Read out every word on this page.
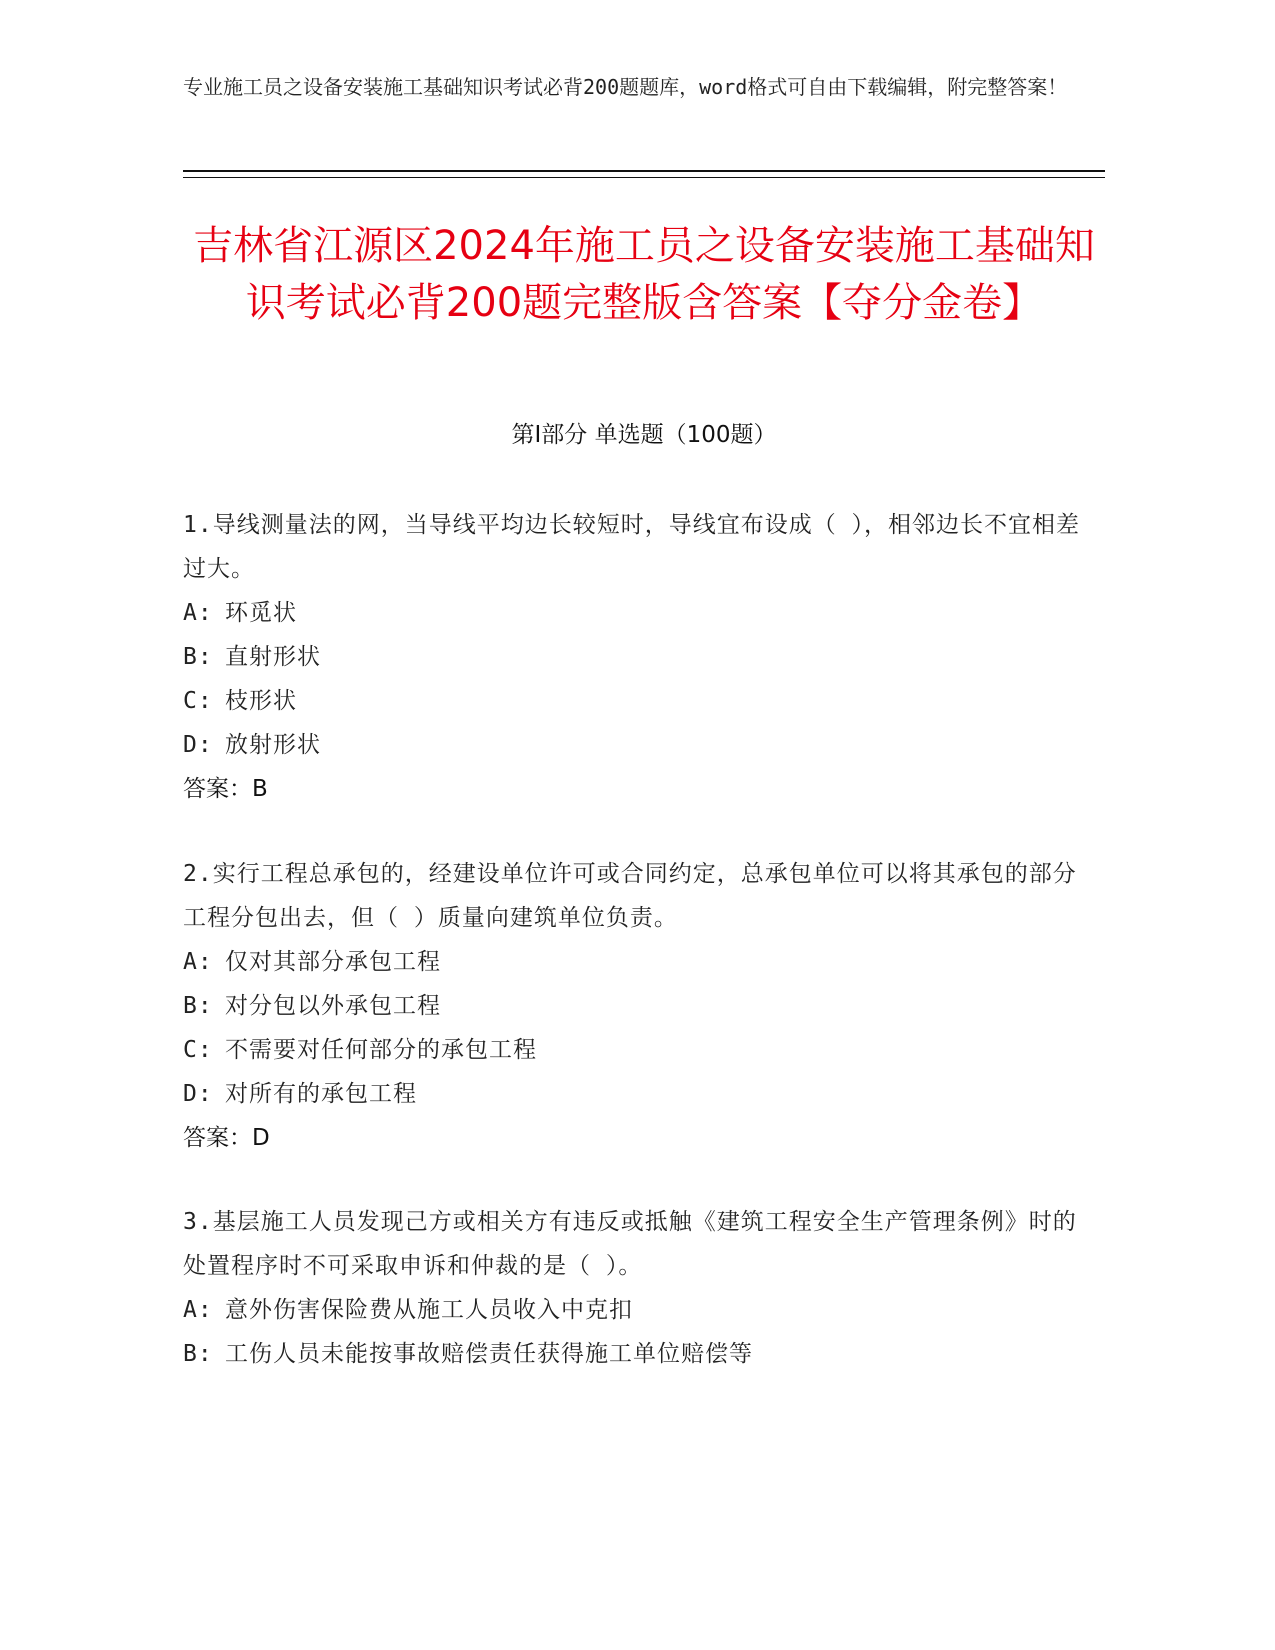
专业施工员之设备安装施工基础知识考试必背200题题库，word格式可自由下载编辑，附完整答案！
吉林省江源区2024年施工员之设备安装施工基础知识考试必背200题完整版含答案【夺分金卷】
第I部分 单选题（100题）
1.导线测量法的网，当导线平均边长较短时，导线宜布设成（ ），相邻边长不宜相差过大。
A: 环觅状
B: 直射形状
C: 枝形状
D: 放射形状
答案：B
2.实行工程总承包的，经建设单位许可或合同约定，总承包单位可以将其承包的部分工程分包出去，但（ ）质量向建筑单位负责。
A: 仅对其部分承包工程
B: 对分包以外承包工程
C: 不需要对任何部分的承包工程
D: 对所有的承包工程
答案：D
3.基层施工人员发现己方或相关方有违反或抵触《建筑工程安全生产管理条例》时的处置程序时不可采取申诉和仲裁的是（ ）。
A: 意外伤害保险费从施工人员收入中克扣
B: 工伤人员未能按事故赔偿责任获得施工单位赔偿等
